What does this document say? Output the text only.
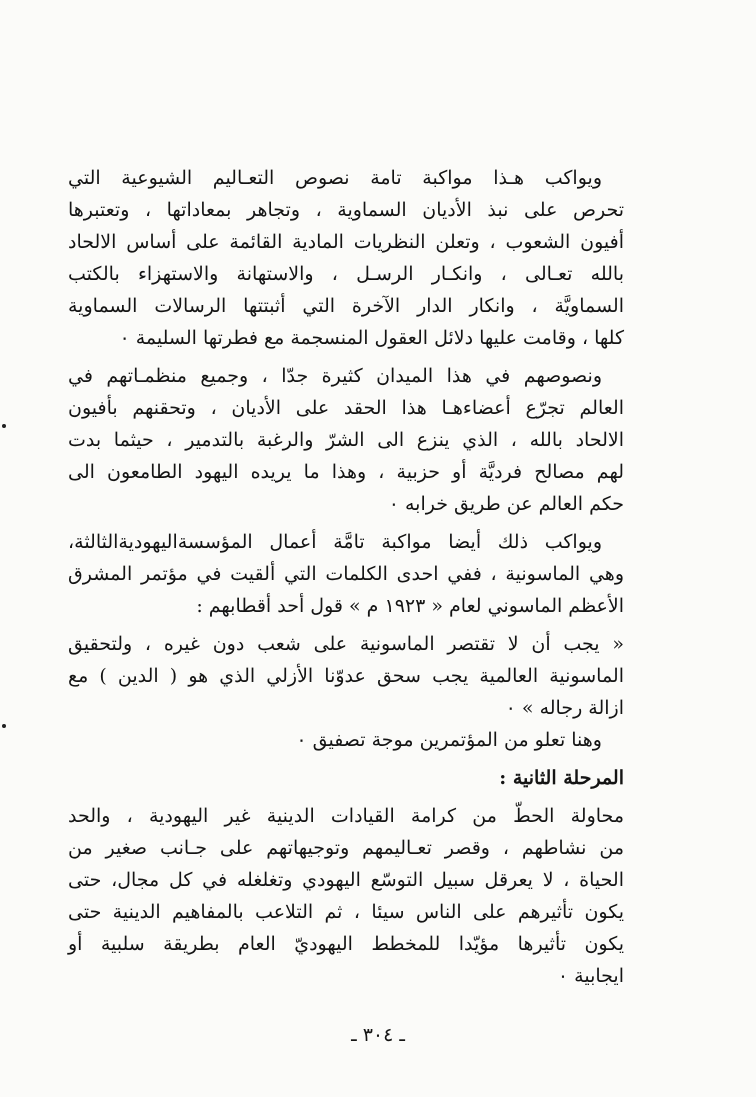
ويواكب هـذا مواكبة تامة نصوص التعـاليم الشيوعية التي
تحرص على نبذ الأديان السماوية ، وتجاهر بمعاداتها ، وتعتبرها
أفيون الشعوب ، وتعلن النظريات المادية القائمة على أساس الالحاد
بالله تعـالى ، وانكـار الرسـل ، والاستهانة والاستهزاء بالكتب
السماويَّة ، وانكار الدار الآخرة التي أثبتتها الرسالات السماوية
كلها ، وقامت عليها دلائل العقول المنسجمة مع فطرتها السليمة ٠
ونصوصهم في هذا الميدان كثيرة جدّا ، وجميع منظمـاتهم في
العالم تجرّع أعضاءهـا هذا الحقد على الأديان ، وتحقنهم بأفيون
الالحاد بالله ، الذي ينزع الى الشرّ والرغبة بالتدمير ، حيثما بدت
لهم مصالح فرديَّة أو حزبية ، وهذا ما يريده اليهود الطامعون الى
حكم العالم عن طريق خرابه ٠
ويواكب ذلك أيضا مواكبة تامَّة أعمال المؤسسةاليهوديةالثالثة،
وهي الماسونية ، ففي احدى الكلمات التي ألقيت في مؤتمر المشرق
الأعظم الماسوني لعام « ١٩٢٣ م » قول أحد أقطابهم :
« يجب أن لا تقتصر الماسونية على شعب دون غيره ، ولتحقيق
الماسونية العالمية يجب سحق عدوّنا الأزلي الذي هو ( الدين ) مع
ازالة رجاله » ٠
وهنا تعلو من المؤتمرين موجة تصفيق ٠
المرحلة الثانية :
محاولة الحطّ من كرامة القيادات الدينية غير اليهودية ، والحد
من نشاطهم ، وقصر تعـاليمهم وتوجيهاتهم على جـانب صغير من
الحياة ، لا يعرقل سبيل التوسّع اليهودي وتغلغله في كل مجال، حتى
يكون تأثيرهم على الناس سيئا ، ثم التلاعب بالمفاهيم الدينية حتى
يكون تأثيرها مؤيّدا للمخطط اليهوديّ العام بطريقة سلبية أو
ايجابية ٠
ـ ٣٠٤ ـ
